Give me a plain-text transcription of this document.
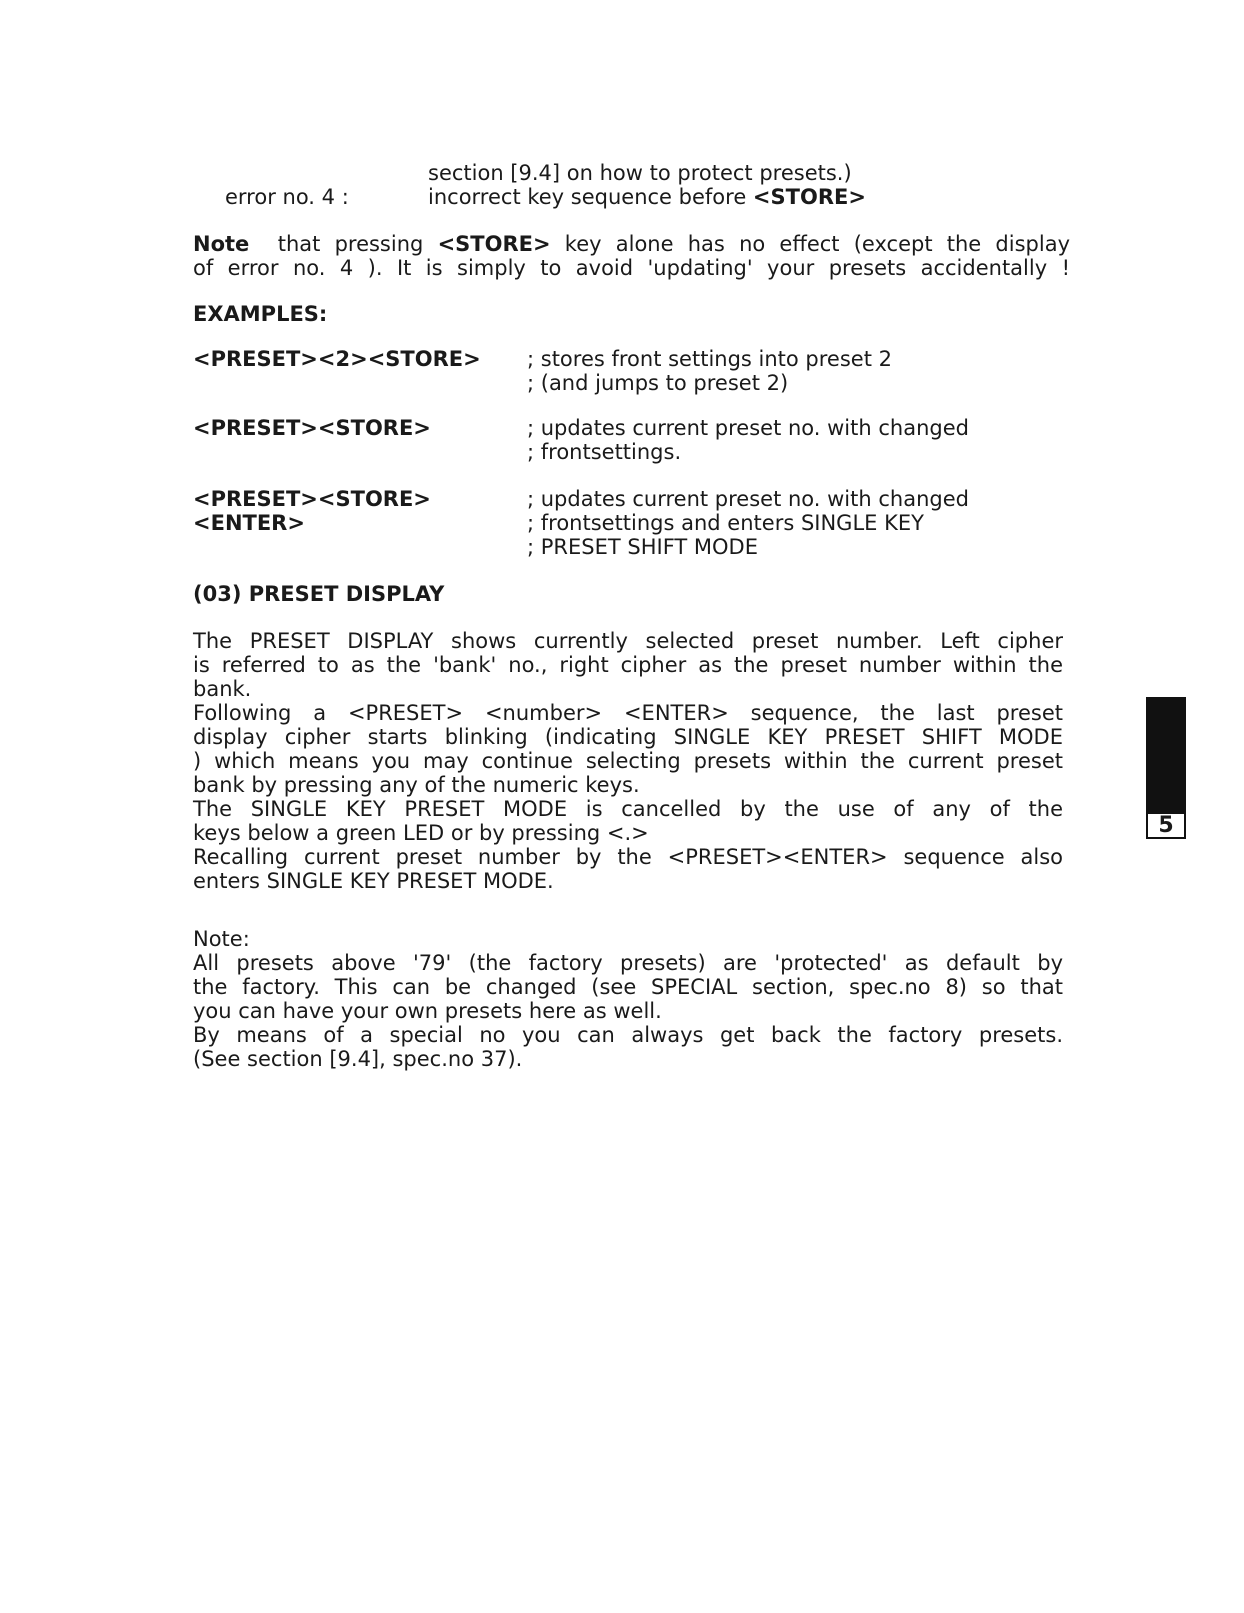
section [9.4] on how to protect presets.)
error no. 4 :	incorrect key sequence before <STORE>
Note that pressing <STORE> key alone has no effect (except the display
of error no. 4 ). It is simply to avoid 'updating' your presets accidentally !
EXAMPLES:
<PRESET><2><STORE> ; stores front settings into preset 2
; (and jumps to preset 2)
<PRESET><STORE>	; updates current preset no. with changed
; frontsettings.
<PRESET><STORE>
<ENTER>
; updates current preset no. with changed
; frontsettings and enters SINGLE KEY
; PRESET SHIFT MODE
(03) PRESET DISPLAY
The PRESET DISPLAY shows currently selected preset number. Left cipher
is referred to as the 'bank' no., right cipher as the preset number within the
bank.
Following a <PRESET> <number> <ENTER> sequence, the last preset
display cipher starts blinking (indicating SINGLE KEY PRESET SHIFT MODE
) which means you may continue selecting presets within the current preset
bank by pressing any of the numeric keys.
The SINGLE KEY PRESET MODE is cancelled by the use of any of the
keys below a green LED or by pressing <.>
Recalling current preset number by the <PRESET><ENTER> sequence also
enters SINGLE KEY PRESET MODE.
Note:
All presets above '79' (the factory presets) are 'protected' as default by
the factory. This can be changed (see SPECIAL section, spec.no 8) so that
you can have your own presets here as well.
By means of a special no you can always get back the factory presets.
(See section [9.4], spec.no 37).
5
